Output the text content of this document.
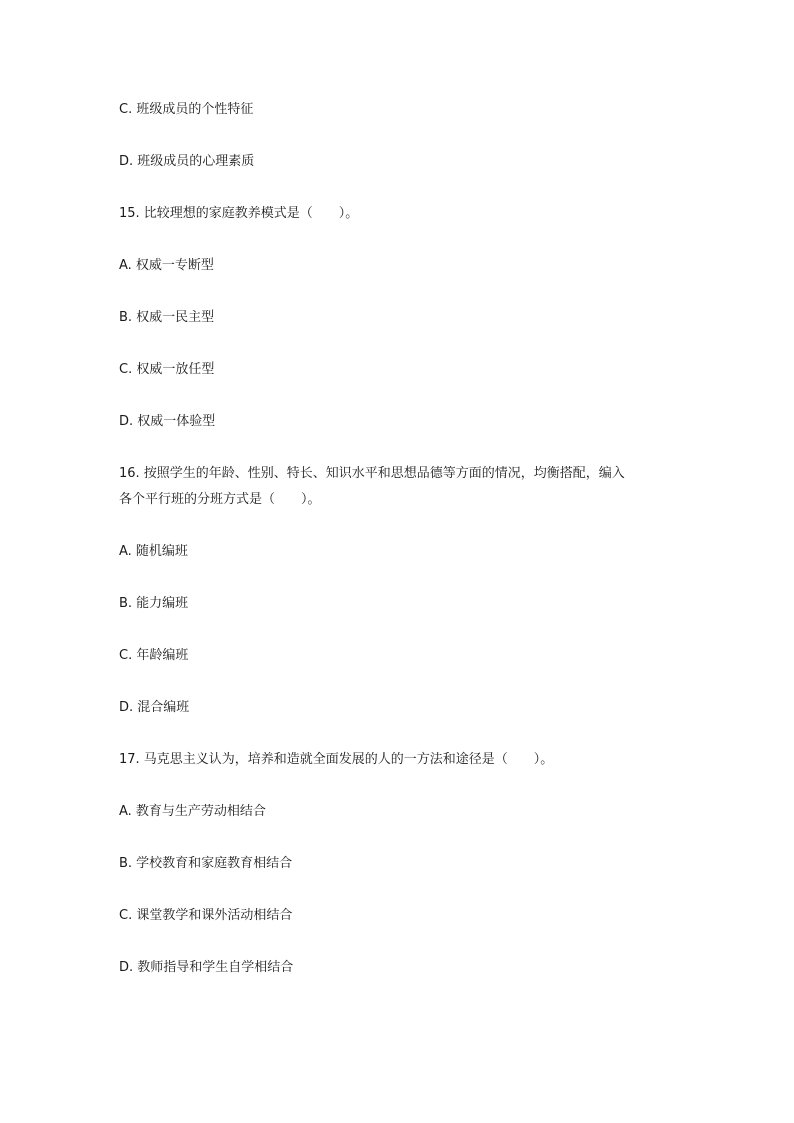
C. 班级成员的个性特征
D. 班级成员的心理素质
15. 比较理想的家庭教养模式是（　　）。
A. 权威一专断型
B. 权威一民主型
C. 权威一放任型
D. 权威一体验型
16. 按照学生的年龄、性别、特长、知识水平和思想品德等方面的情况，均衡搭配，编入
各个平行班的分班方式是（　　）。
A. 随机编班
B. 能力编班
C. 年龄编班
D. 混合编班
17. 马克思主义认为，培养和造就全面发展的人的一方法和途径是（　　）。
A. 教育与生产劳动相结合
B. 学校教育和家庭教育相结合
C. 课堂教学和课外活动相结合
D. 教师指导和学生自学相结合
